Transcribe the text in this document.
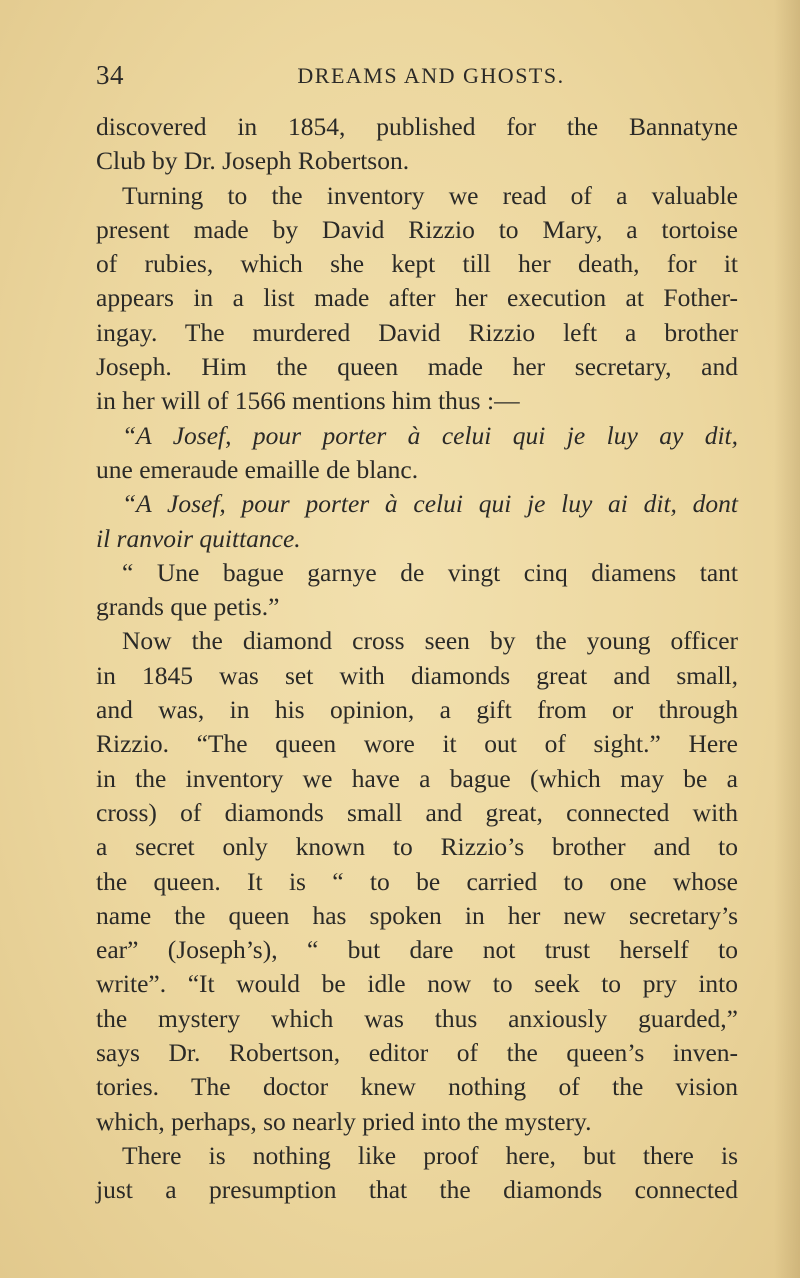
34	DREAMS AND GHOSTS.
discovered in 1854, published for the Bannatyne
Club by Dr. Joseph Robertson.
Turning to the inventory we read of a valuable
present made by David Rizzio to Mary, a tortoise
of rubies, which she kept till her death, for it
appears in a list made after her execution at Fother-
ingay. The murdered David Rizzio left a brother
Joseph. Him the queen made her secretary, and
in her will of 1566 mentions him thus :—
“A Josef, pour porter à celui qui je luy ay dit,
une emeraude emaille de blanc.
“A Josef, pour porter à celui qui je luy ai dit, dont
il ranvoir quittance.
“ Une bague garnye de vingt cinq diamens tant
grands que petis.”
Now the diamond cross seen by the young officer
in 1845 was set with diamonds great and small,
and was, in his opinion, a gift from or through
Rizzio. “The queen wore it out of sight.” Here
in the inventory we have a bague (which may be a
cross) of diamonds small and great, connected with
a secret only known to Rizzio’s brother and to
the queen. It is “ to be carried to one whose
name the queen has spoken in her new secretary’s
ear” (Joseph’s), “ but dare not trust herself to
write”. “It would be idle now to seek to pry into
the mystery which was thus anxiously guarded,”
says Dr. Robertson, editor of the queen’s inven-
tories. The doctor knew nothing of the vision
which, perhaps, so nearly pried into the mystery.
There is nothing like proof here, but there is
just a presumption that the diamonds connected
